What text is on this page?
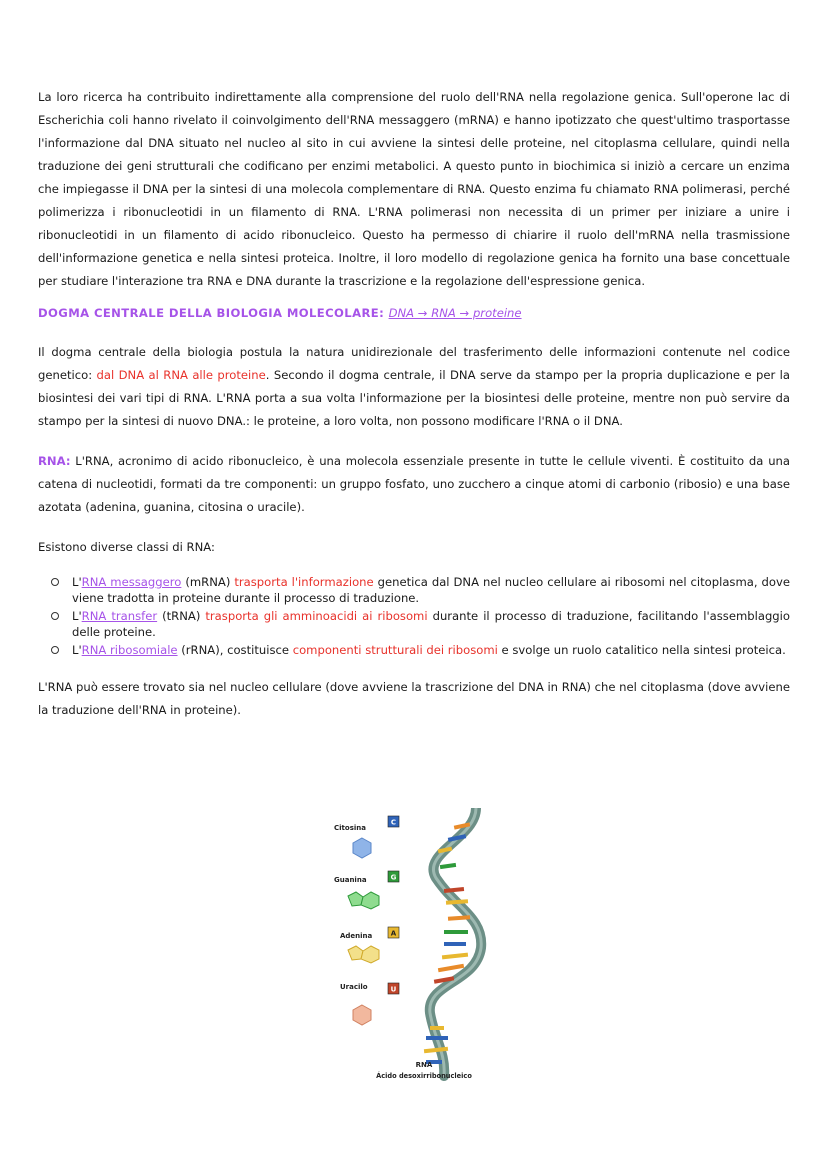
La loro ricerca ha contribuito indirettamente alla comprensione del ruolo dell'RNA nella regolazione genica. Sull'operone lac di Escherichia coli hanno rivelato il coinvolgimento dell'RNA messaggero (mRNA) e hanno ipotizzato che quest'ultimo trasportasse l'informazione dal DNA situato nel nucleo al sito in cui avviene la sintesi delle proteine, nel citoplasma cellulare, quindi nella traduzione dei geni strutturali che codificano per enzimi metabolici. A questo punto in biochimica si iniziò a cercare un enzima che impiegasse il DNA per la sintesi di una molecola complementare di RNA. Questo enzima fu chiamato RNA polimerasi, perché polimerizza i ribonucleotidi in un filamento di RNA. L'RNA polimerasi non necessita di un primer per iniziare a unire i ribonucleotidi in un filamento di acido ribonucleico. Questo ha permesso di chiarire il ruolo dell'mRNA nella trasmissione dell'informazione genetica e nella sintesi proteica. Inoltre, il loro modello di regolazione genica ha fornito una base concettuale per studiare l'interazione tra RNA e DNA durante la trascrizione e la regolazione dell'espressione genica.

DOGMA CENTRALE DELLA BIOLOGIA MOLECOLARE: DNA → RNA → proteine

Il dogma centrale della biologia postula la natura unidirezionale del trasferimento delle informazioni contenute nel codice genetico: dal DNA al RNA alle proteine. Secondo il dogma centrale, il DNA serve da stampo per la propria duplicazione e per la biosintesi dei vari tipi di RNA. L'RNA porta a sua volta l'informazione per la biosintesi delle proteine, mentre non può servire da stampo per la sintesi di nuovo DNA.: le proteine, a loro volta, non possono modificare l'RNA o il DNA.

RNA: L'RNA, acronimo di acido ribonucleico, è una molecola essenziale presente in tutte le cellule viventi. È costituito da una catena di nucleotidi, formati da tre componenti: un gruppo fosfato, uno zucchero a cinque atomi di carbonio (ribosio) e una base azotata (adenina, guanina, citosina o uracile).

Esistono diverse classi di RNA:

L'RNA messaggero (mRNA) trasporta l'informazione genetica dal DNA nel nucleo cellulare ai ribosomi nel citoplasma, dove viene tradotta in proteine durante il processo di traduzione.
L'RNA transfer (tRNA) trasporta gli amminoacidi ai ribosomi durante il processo di traduzione, facilitando l'assemblaggio delle proteine.
L'RNA ribosomiale (rRNA), costituisce componenti strutturali dei ribosomi e svolge un ruolo catalitico nella sintesi proteica.

L'RNA può essere trovato sia nel nucleo cellulare (dove avviene la trascrizione del DNA in RNA) che nel citoplasma (dove avviene la traduzione dell'RNA in proteine).

Citosina
Guanina
Adenina
Uracilo
C
G
A
U
RNA
Ácido desoxirribonucleico
